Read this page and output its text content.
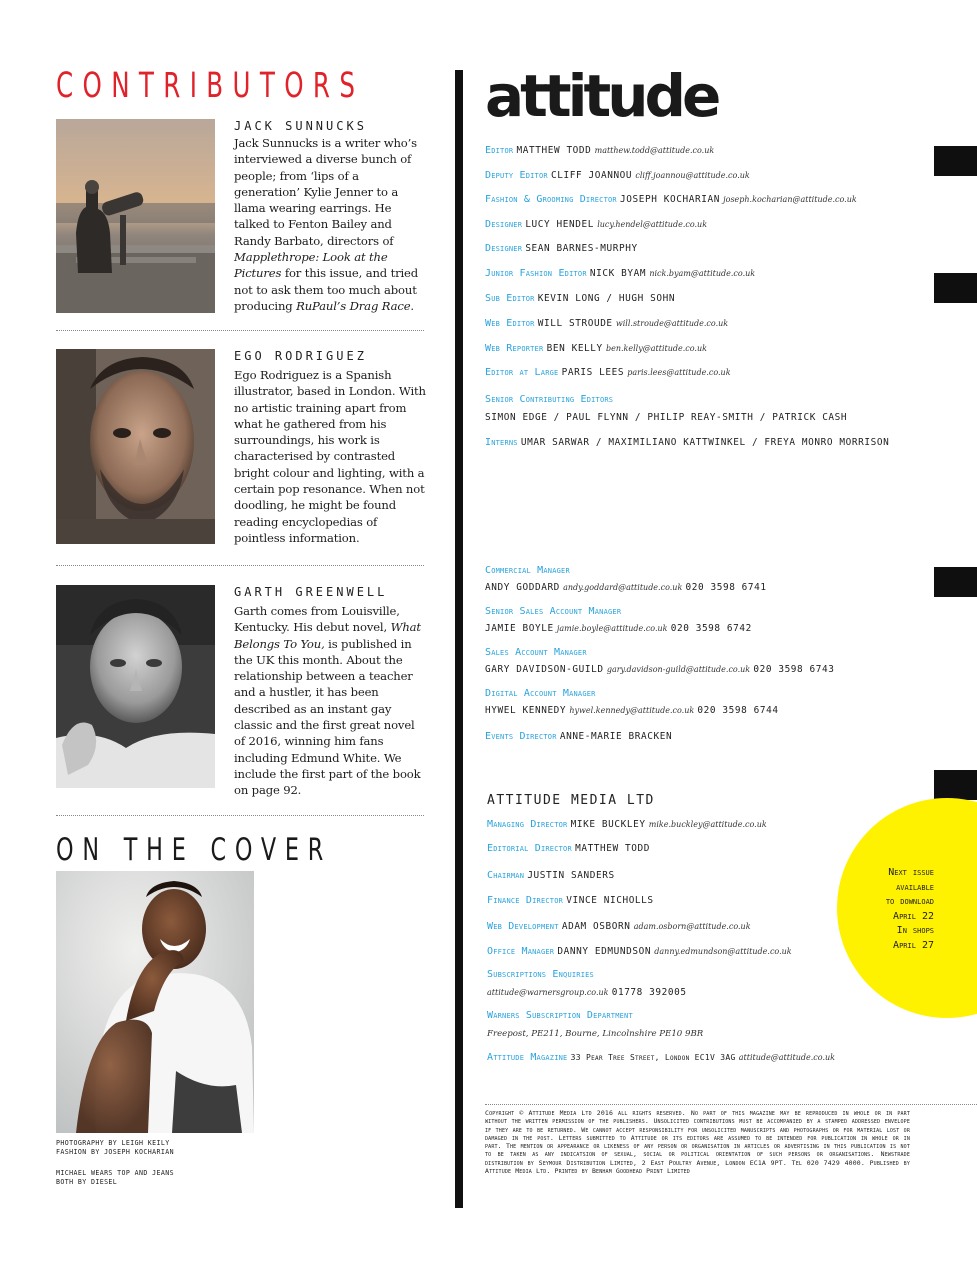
CONTRIBUTORS
JACK SUNNUCKS
Jack Sunnucks is a writer who’s interviewed a diverse bunch of people; from ‘lips of a generation’ Kylie Jenner to a llama wearing earrings. He talked to Fenton Bailey and Randy Barbato, directors of Mapplethrope: Look at the Pictures for this issue, and tried not to ask them too much about producing RuPaul’s Drag Race.
EGO RODRIGUEZ
Ego Rodriguez is a Spanish illustrator, based in London. With no artistic training apart from what he gathered from his surroundings, his work is characterised by contrasted bright colour and lighting, with a certain pop resonance. When not doodling, he might be found reading encyclopedias of pointless information.
GARTH GREENWELL
Garth comes from Louisville, Kentucky. His debut novel, What Belongs To You, is published in the UK this month. About the relationship between a teacher and a hustler, it has been described as an instant gay classic and the first great novel of 2016, winning him fans including Edmund White. We include the first part of the book on page 92.
ON THE COVER
PHOTOGRAPHY BY LEIGH KEILY
FASHION BY JOSEPH KOCHARIAN
MICHAEL WEARS TOP AND JEANS
BOTH BY DIESEL
attitude
Editor MATTHEW TODD matthew.todd@attitude.co.uk
Deputy Editor CLIFF JOANNOU cliff.joannou@attitude.co.uk
Fashion & Grooming Director JOSEPH KOCHARIAN joseph.kocharian@attitude.co.uk
Designer LUCY HENDEL lucy.hendel@attitude.co.uk
Designer SEAN BARNES-MURPHY
Junior Fashion Editor NICK BYAM nick.byam@attitude.co.uk
Sub Editor KEVIN LONG / HUGH SOHN
Web Editor WILL STROUDE will.stroude@attitude.co.uk
Web Reporter BEN KELLY ben.kelly@attitude.co.uk
Editor at Large PARIS LEES paris.lees@attitude.co.uk
Senior Contributing Editors
SIMON EDGE / PAUL FLYNN / PHILIP REAY-SMITH / PATRICK CASH
Interns UMAR SARWAR / MAXIMILIANO KATTWINKEL / FREYA MONRO MORRISON
Commercial Manager
ANDY GODDARD andy.goddard@attitude.co.uk 020 3598 6741
Senior Sales Account Manager
JAMIE BOYLE jamie.boyle@attitude.co.uk 020 3598 6742
Sales Account Manager
GARY DAVIDSON-GUILD gary.davidson-guild@attitude.co.uk 020 3598 6743
Digital Account Manager
HYWEL KENNEDY hywel.kennedy@attitude.co.uk 020 3598 6744
Events Director ANNE-MARIE BRACKEN
ATTITUDE MEDIA LTD
Managing Director MIKE BUCKLEY mike.buckley@attitude.co.uk
Editorial Director MATTHEW TODD
Chairman JUSTIN SANDERS
Finance Director VINCE NICHOLLS
Web Development ADAM OSBORN adam.osborn@attitude.co.uk
Office Manager DANNY EDMUNDSON danny.edmundson@attitude.co.uk
Subscriptions Enquiries
attitude@warnersgroup.co.uk 01778 392005
Warners Subscription Department
Freepost, PE211, Bourne, Lincolnshire PE10 9BR
Attitude Magazine 33 Pear Tree Street, London EC1V 3AG attitude@attitude.co.uk
Next issue
available
to download
April 22
In shops
April 27
Copyright © Attitude Media Ltd 2016 all rights reserved. No part of this magazine may be reproduced in whole or in part without the written permission of the publishers. Unsolicited contributions must be accompanied by a stamped addressed envelope if they are to be returned. We cannot accept responsibility for unsolicited manuscripts and photographs or for material lost or damaged in the post. Letters submitted to Attitude or its editors are assumed to be intended for publication in whole or in part. The mention or appearance or likeness of any person or organisation in articles or advertising in this publication is not to be taken as any indicatsion of sexual, social or political orientation of such persons or organisations. Newstrade distribution by Seymour Distribution Limited, 2 East Poultry Avenue, London EC1A 9PT. Tel 020 7429 4000. Published by Attitude Media Ltd. Printed by Benham Goodhead Print Limited
